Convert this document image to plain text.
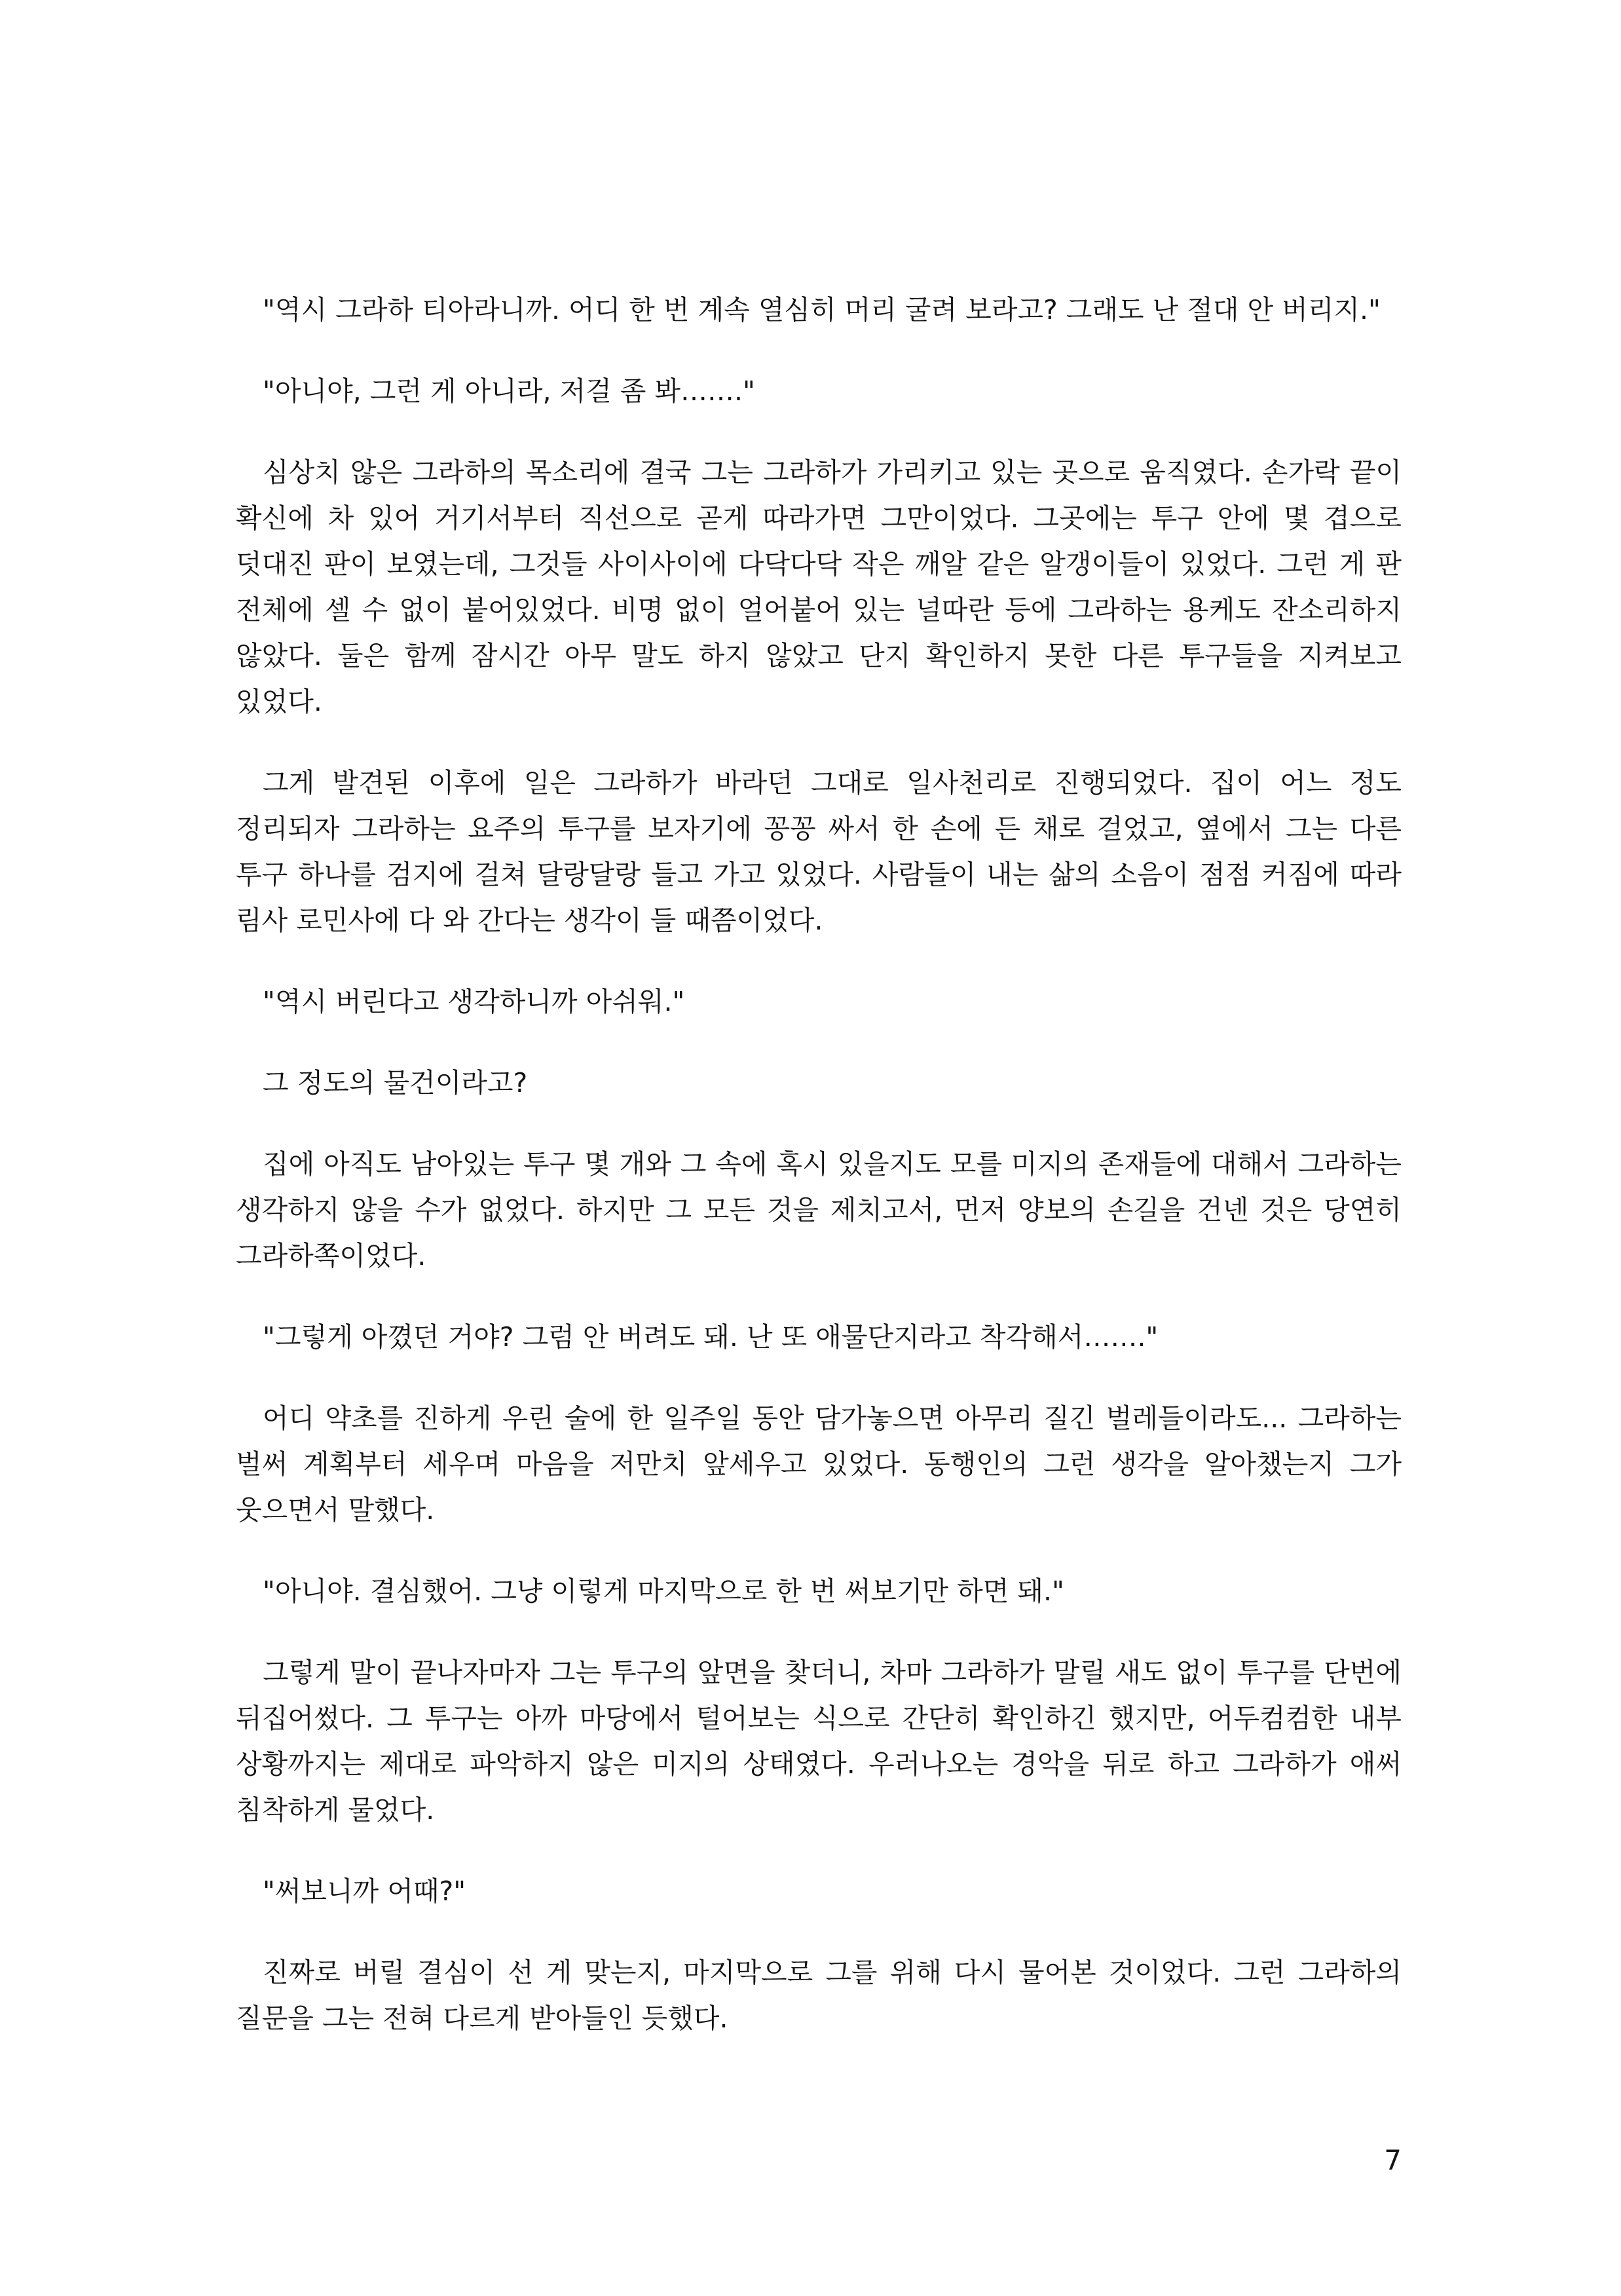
"역시 그라하 티아라니까. 어디 한 번 계속 열심히 머리 굴려 보라고? 그래도 난 절대 안 버리지."

"아니야, 그런 게 아니라, 저걸 좀 봐……."

심상치 않은 그라하의 목소리에 결국 그는 그라하가 가리키고 있는 곳으로 움직였다. 손가락 끝이 확신에 차 있어 거기서부터 직선으로 곧게 따라가면 그만이었다. 그곳에는 투구 안에 몇 겹으로 덧대진 판이 보였는데, 그것들 사이사이에 다닥다닥 작은 깨알 같은 알갱이들이 있었다. 그런 게 판 전체에 셀 수 없이 붙어있었다. 비명 없이 얼어붙어 있는 널따란 등에 그라하는 용케도 잔소리하지 않았다. 둘은 함께 잠시간 아무 말도 하지 않았고 단지 확인하지 못한 다른 투구들을 지켜보고 있었다.

그게 발견된 이후에 일은 그라하가 바라던 그대로 일사천리로 진행되었다. 집이 어느 정도 정리되자 그라하는 요주의 투구를 보자기에 꽁꽁 싸서 한 손에 든 채로 걸었고, 옆에서 그는 다른 투구 하나를 검지에 걸쳐 달랑달랑 들고 가고 있었다. 사람들이 내는 삶의 소음이 점점 커짐에 따라 림사 로민사에 다 와 간다는 생각이 들 때쯤이었다.

"역시 버린다고 생각하니까 아쉬워."

그 정도의 물건이라고?

집에 아직도 남아있는 투구 몇 개와 그 속에 혹시 있을지도 모를 미지의 존재들에 대해서 그라하는 생각하지 않을 수가 없었다. 하지만 그 모든 것을 제치고서, 먼저 양보의 손길을 건넨 것은 당연히 그라하쪽이었다.

"그렇게 아꼈던 거야? 그럼 안 버려도 돼. 난 또 애물단지라고 착각해서……."

어디 약초를 진하게 우린 술에 한 일주일 동안 담가놓으면 아무리 질긴 벌레들이라도... 그라하는 벌써 계획부터 세우며 마음을 저만치 앞세우고 있었다. 동행인의 그런 생각을 알아챘는지 그가 웃으면서 말했다.

"아니야. 결심했어. 그냥 이렇게 마지막으로 한 번 써보기만 하면 돼."

그렇게 말이 끝나자마자 그는 투구의 앞면을 찾더니, 차마 그라하가 말릴 새도 없이 투구를 단번에 뒤집어썼다. 그 투구는 아까 마당에서 털어보는 식으로 간단히 확인하긴 했지만, 어두컴컴한 내부 상황까지는 제대로 파악하지 않은 미지의 상태였다. 우러나오는 경악을 뒤로 하고 그라하가 애써 침착하게 물었다.

"써보니까 어때?"

진짜로 버릴 결심이 선 게 맞는지, 마지막으로 그를 위해 다시 물어본 것이었다. 그런 그라하의 질문을 그는 전혀 다르게 받아들인 듯했다.

7
